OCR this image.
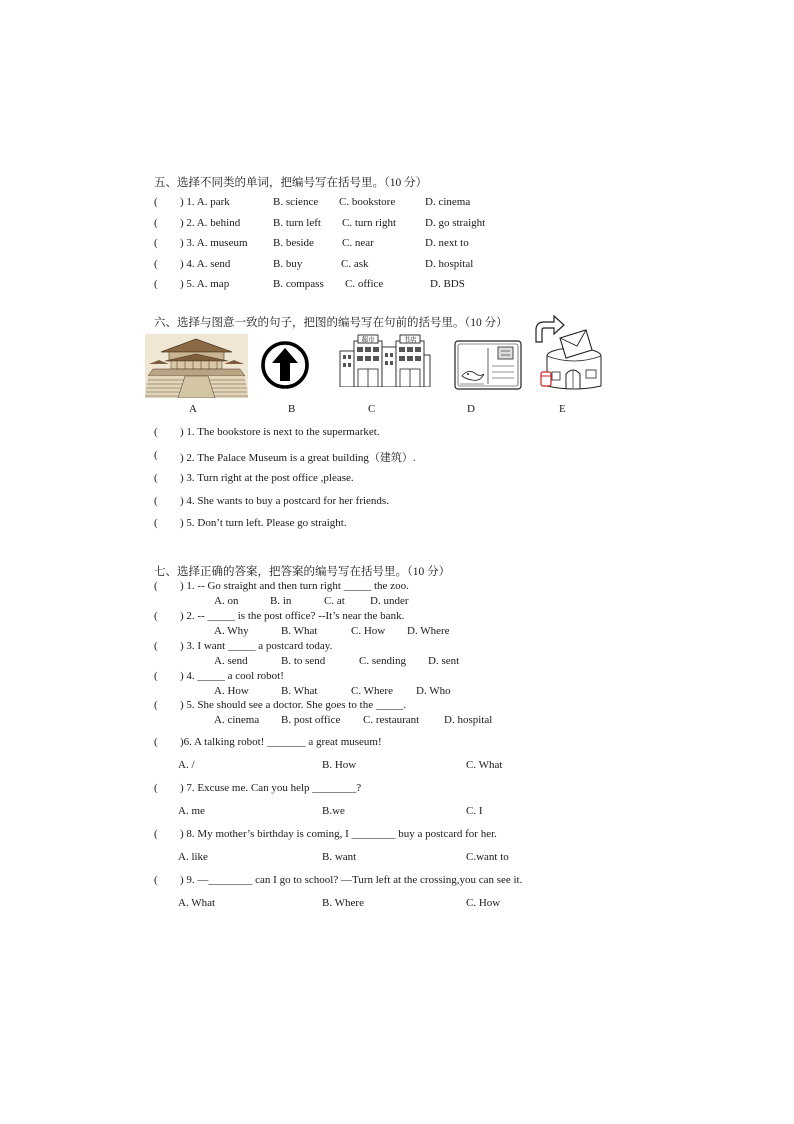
五、选择不同类的单词，把编号写在括号里。（10 分）
( ) 1. A. park	B. science C. bookstore	D. cinema
( ) 2. A. behind	B. turn left C. turn right	D. go straight
( ) 3. A. museum B. beside	C. near	D. next to
( ) 4. A. send	B. buy	C. ask	D. hospital
( ) 5. A. map	B. compass C. office	D. BDS
六、选择与图意一致的句子，把图的编号写在句前的括号里。（10 分）
A	B
超市	书店
C	D	E
( ) 1. The bookstore is next to the supermarket.
( ) 2. The Palace Museum is a great building（建筑）.
( ) 3. Turn right at the post office ,please.
( ) 4. She wants to buy a postcard for her friends.
( ) 5. Don’t turn left. Please go straight.
七、选择正确的答案，把答案的编号写在括号里。（10 分）
( ) 1. -- Go straight and then turn right _____ the zoo.
A. on	B. in	C. at D. under
( ) 2. -- _____ is the post office? --It’s near the bank.
A. Why	B. What	C. How D. Where
( ) 3. I want _____ a postcard today.
A. send	B. to send	C. sending D. sent
( ) 4. _____ a cool robot!
A. How	B. What	C. Where D. Who
( ) 5. She should see a doctor. She goes to the _____.
A. cinema B. post office C. restaurant D. hospital
( )6. A talking robot! _______ a great museum!
A. /	B. How	C. What
( ) 7. Excuse me. Can you help ________?
A. me	B.we	C. I
( ) 8. My mother’s birthday is coming, I ________ buy a postcard for her.
A. like	B. want	C.want to
( ) 9. —________ can I go to school? —Turn left at the crossing,you can see it.
A. What	B. Where	C. How
